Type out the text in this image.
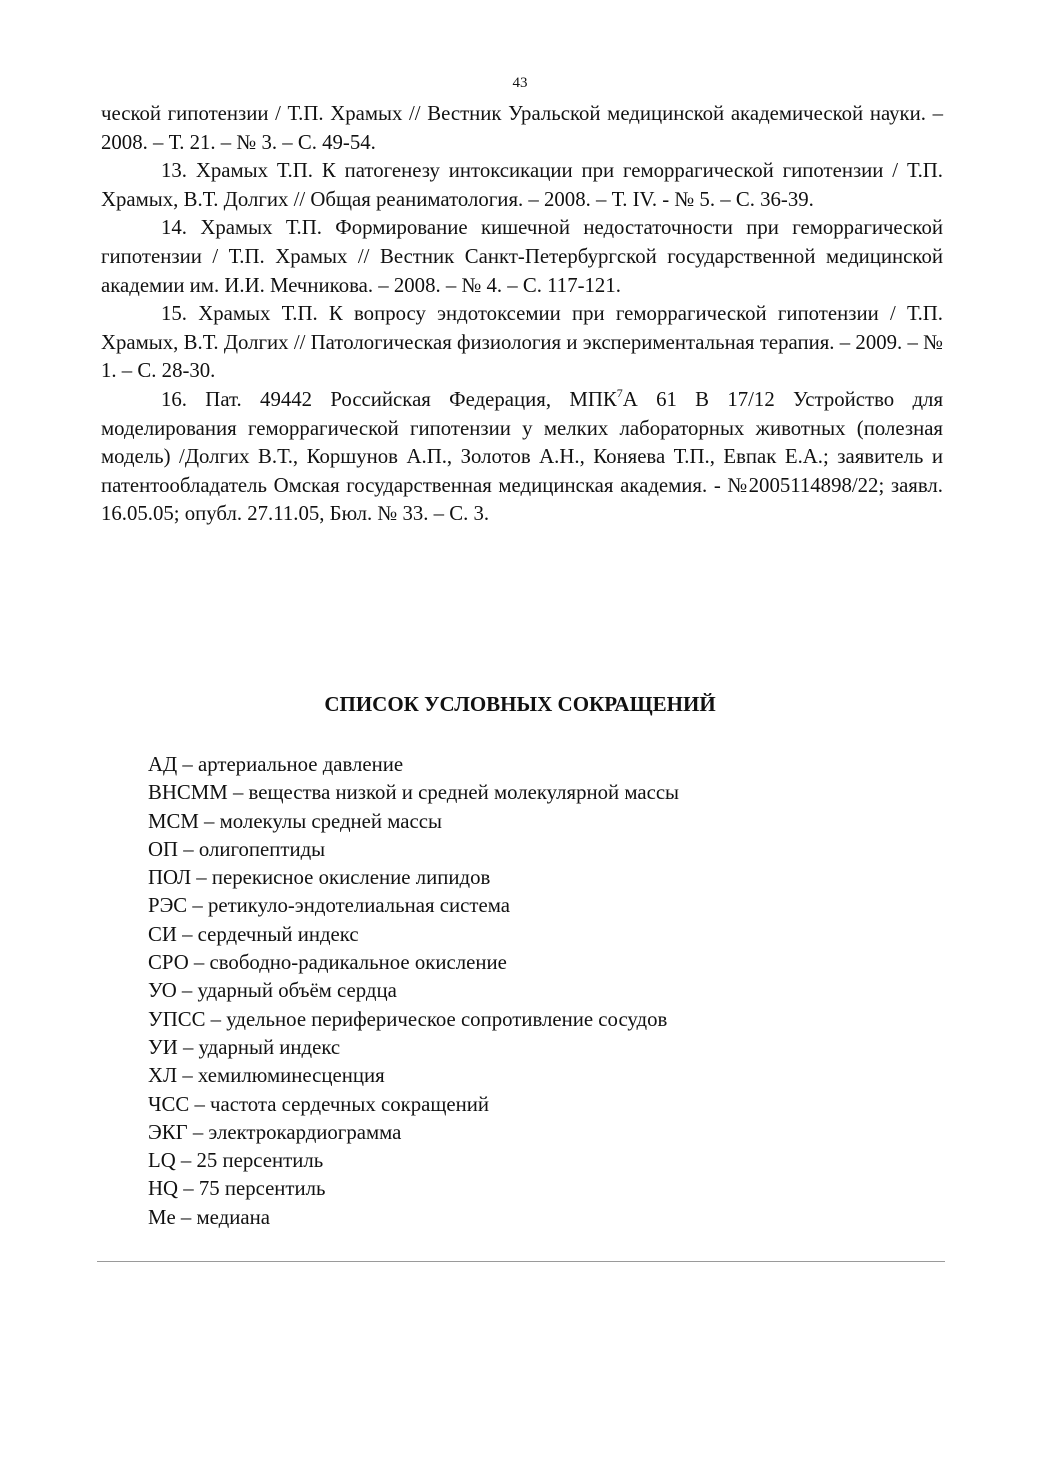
43

ческой гипотензии / Т.П. Храмых // Вестник Уральской медицинской академической науки. – 2008. – Т. 21. – № 3. – С. 49-54.

13. Храмых Т.П. К патогенезу интоксикации при геморрагической гипотензии / Т.П. Храмых, В.Т. Долгих // Общая реаниматология. – 2008. – Т. IV. - № 5. – С. 36-39.

14. Храмых Т.П. Формирование кишечной недостаточности при геморрагической гипотензии / Т.П. Храмых // Вестник Санкт-Петербургской государственной медицинской академии им. И.И. Мечникова. – 2008. – № 4. – С. 117-121.

15. Храмых Т.П. К вопросу эндотоксемии при геморрагической гипотензии / Т.П. Храмых, В.Т. Долгих // Патологическая физиология и экспериментальная терапия. – 2009. – № 1. – С. 28-30.

16. Пат. 49442 Российская Федерация, МПК$^7$А 61 В 17/12 Устройство для моделирования геморрагической гипотензии у мелких лабораторных животных (полезная модель) /Долгих В.Т., Коршунов А.П., Золотов А.Н., Коняева Т.П., Евпак Е.А.; заявитель и патентообладатель Омская государственная медицинская академия. - №2005114898/22; заявл. 16.05.05; опубл. 27.11.05, Бюл. № 33. – С. 3.

СПИСОК УСЛОВНЫХ СОКРАЩЕНИЙ
АД – артериальное давление
ВНСММ – вещества низкой и средней молекулярной массы
МСМ – молекулы средней массы
ОП – олигопептиды
ПОЛ – перекисное окисление липидов
РЭС – ретикуло-эндотелиальная система
СИ – сердечный индекс
СРО – свободно-радикальное окисление
УО – ударный объём сердца
УПСС – удельное периферическое сопротивление сосудов
УИ – ударный индекс
ХЛ – хемилюминесценция
ЧСС – частота сердечных сокращений
ЭКГ – электрокардиограмма
LQ – 25 персентиль
HQ – 75 персентиль
Me – медиана
